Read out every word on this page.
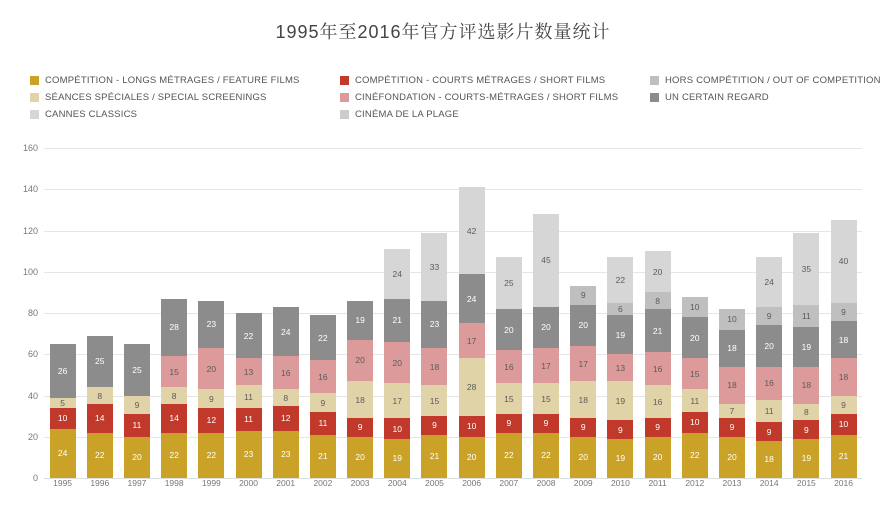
1995年至2016年官方评选影片数量统计
COMPÉTITION - LONGS MÉTRAGES / FEATURE FILMS	COMPÉTITION - COURTS MÉTRAGES / SHORT FILMS	HORS COMPÉTITION / OUT OF COMPETITION
SÉANCES SPÉCIALES / SPECIAL SCREENINGS	CINÉFONDATION - COURTS-MÉTRAGES / SHORT FILMS	UN CERTAIN REGARD
CANNES CLASSICS	CINÉMA DE LA PLAGE
0
20
40
60
80
100
120
140
160
24
10
5
26
22
14
8
25
20
11
9
25
22
14
8
15
28
22
12
9
20
23
23
11
11
13
22
23
12
8
16
24
21
11
9
16
22
20
9
18
20
19
19
10
17
20
21
24
21
9
15
18
23
33
20
10
28
17
24
42
22
9
15
16
20
25
22
9
15
17
20
45
20
9
18
17
20
9
19
9
19
13
19
6
22
20
9
16
16
21
8
20
22
10
11
15
20
10
20
9
7
18
18
10
18
9
11
16
20
9
24
19
9
8
18
19
11
35
21
10
9
18
18
9
40
1995	1996	1997	1998	1999	2000	2001	2002	2003	2004	2005	2006	2007	2008	2009	2010	2011	2012	2013	2014	2015	2016
